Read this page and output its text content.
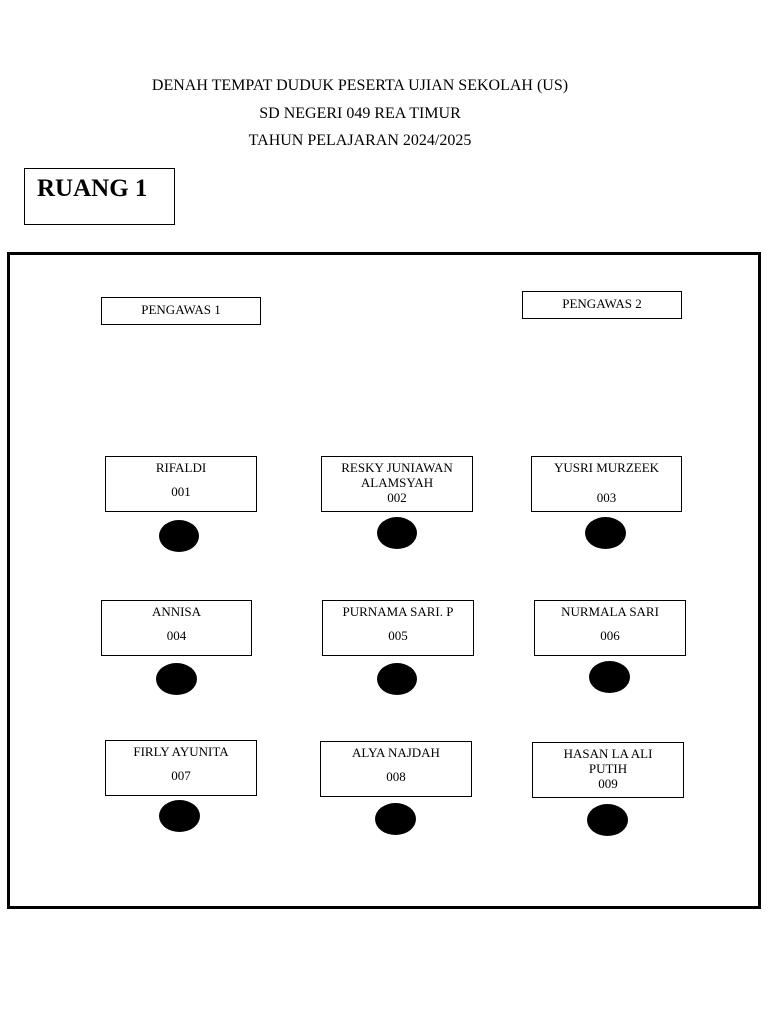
DENAH TEMPAT DUDUK PESERTA UJIAN SEKOLAH (US)
SD NEGERI 049 REA TIMUR
TAHUN PELAJARAN 2024/2025
RUANG 1
PENGAWAS 1	PENGAWAS 2
RIFALDI
001
RESKY JUNIAWAN ALAMSYAH
002
YUSRI MURZEEK
003
ANNISA
004
PURNAMA SARI. P
005
NURMALA SARI
006
FIRLY AYUNITA
007
ALYA NAJDAH
008
HASAN LA ALI PUTIH
009
